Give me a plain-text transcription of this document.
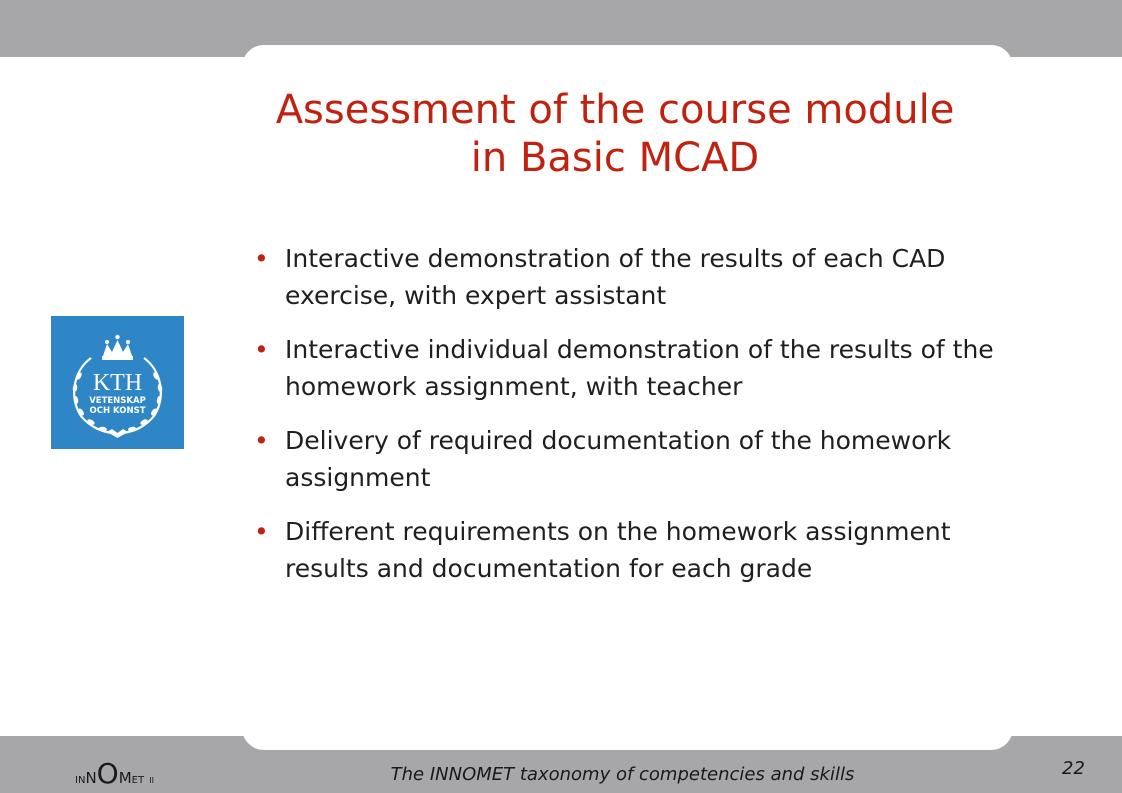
Assessment of the course module
in Basic MCAD
• Interactive demonstration of the results of each CAD exercise, with expert assistant
• Interactive individual demonstration of the results of the homework assignment, with teacher
• Delivery of required documentation of the homework assignment
• Different requirements on the homework assignment results and documentation for each grade
KTH
VETENSKAP
OCH KONST
INNOMET II	The INNOMET taxonomy of competencies and skills	22
